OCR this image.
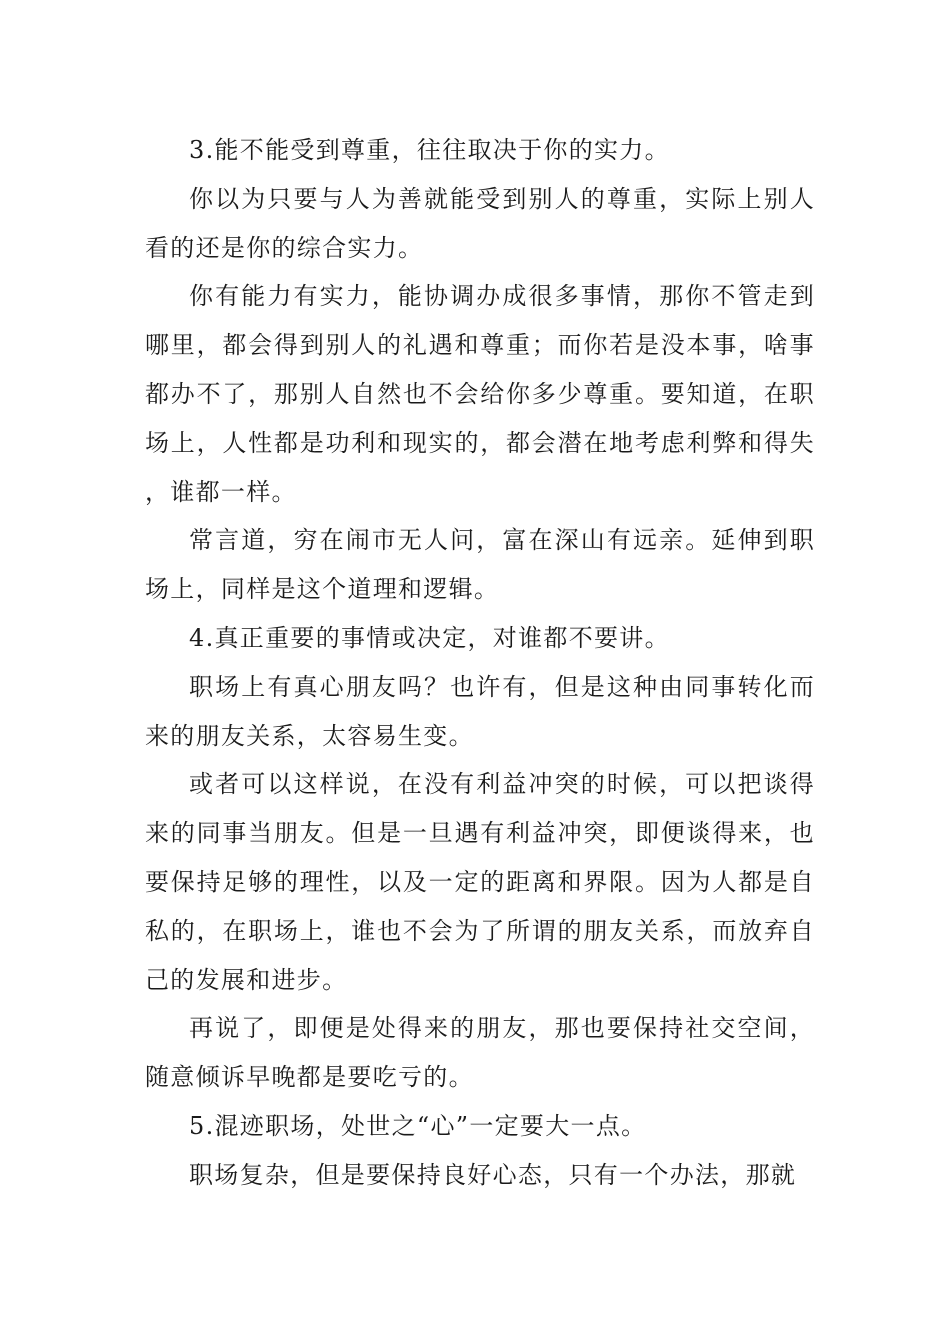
3.能不能受到尊重，往往取决于你的实力。

你以为只要与人为善就能受到别人的尊重，实际上别人看的还是你的综合实力。

你有能力有实力，能协调办成很多事情，那你不管走到哪里，都会得到别人的礼遇和尊重；而你若是没本事，啥事都办不了，那别人自然也不会给你多少尊重。要知道，在职场上，人性都是功利和现实的，都会潜在地考虑利弊和得失，谁都一样。

常言道，穷在闹市无人问，富在深山有远亲。延伸到职场上，同样是这个道理和逻辑。

4.真正重要的事情或决定，对谁都不要讲。

职场上有真心朋友吗？也许有，但是这种由同事转化而来的朋友关系，太容易生变。

或者可以这样说，在没有利益冲突的时候，可以把谈得来的同事当朋友。但是一旦遇有利益冲突，即便谈得来，也要保持足够的理性，以及一定的距离和界限。因为人都是自私的，在职场上，谁也不会为了所谓的朋友关系，而放弃自己的发展和进步。

再说了，即便是处得来的朋友，那也要保持社交空间，随意倾诉早晚都是要吃亏的。

5.混迹职场，处世之“心”一定要大一点。

职场复杂，但是要保持良好心态，只有一个办法，那就
